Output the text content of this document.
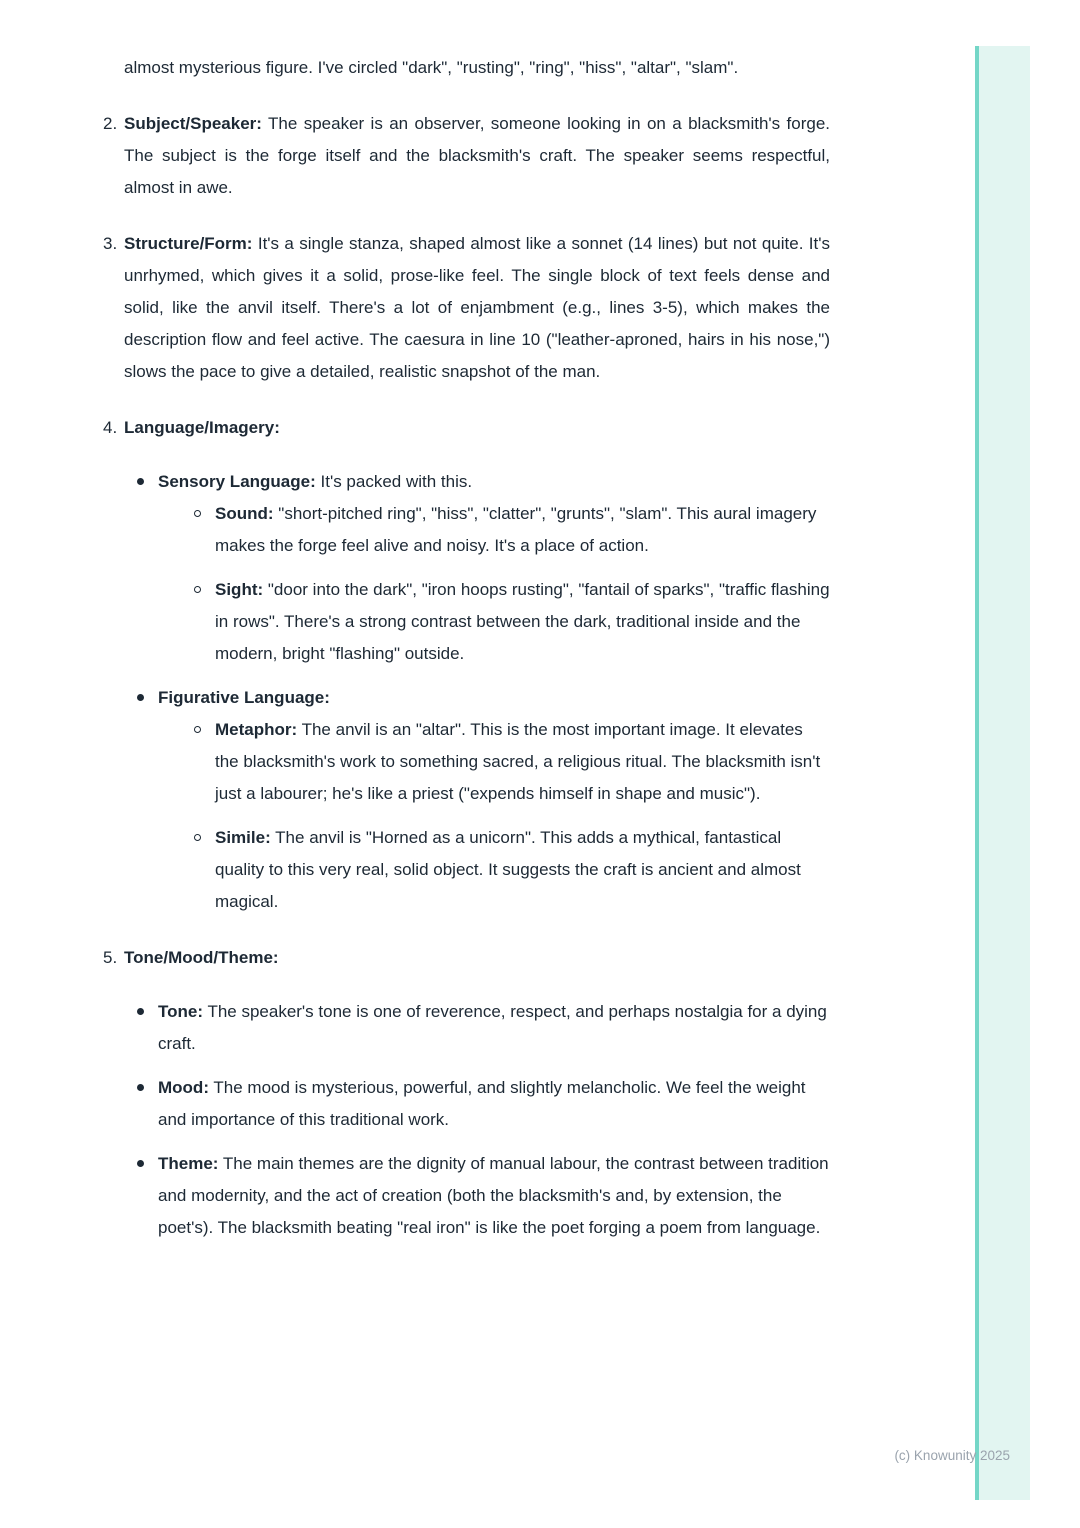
almost mysterious figure. I've circled "dark", "rusting", "ring", "hiss", "altar", "slam".

2. Subject/Speaker: The speaker is an observer, someone looking in on a blacksmith's forge. The subject is the forge itself and the blacksmith's craft. The speaker seems respectful, almost in awe.

3. Structure/Form: It's a single stanza, shaped almost like a sonnet (14 lines) but not quite. It's unrhymed, which gives it a solid, prose-like feel. The single block of text feels dense and solid, like the anvil itself. There's a lot of enjambment (e.g., lines 3-5), which makes the description flow and feel active. The caesura in line 10 ("leather-aproned, hairs in his nose,") slows the pace to give a detailed, realistic snapshot of the man.

4. Language/Imagery:

Sensory Language: It's packed with this.

Sound: "short-pitched ring", "hiss", "clatter", "grunts", "slam". This aural imagery makes the forge feel alive and noisy. It's a place of action.

Sight: "door into the dark", "iron hoops rusting", "fantail of sparks", "traffic flashing in rows". There's a strong contrast between the dark, traditional inside and the modern, bright "flashing" outside.

Figurative Language:

Metaphor: The anvil is an "altar". This is the most important image. It elevates the blacksmith's work to something sacred, a religious ritual. The blacksmith isn't just a labourer; he's like a priest ("expends himself in shape and music").

Simile: The anvil is "Horned as a unicorn". This adds a mythical, fantastical quality to this very real, solid object. It suggests the craft is ancient and almost magical.

5. Tone/Mood/Theme:

Tone: The speaker's tone is one of reverence, respect, and perhaps nostalgia for a dying craft.

Mood: The mood is mysterious, powerful, and slightly melancholic. We feel the weight and importance of this traditional work.

Theme: The main themes are the dignity of manual labour, the contrast between tradition and modernity, and the act of creation (both the blacksmith's and, by extension, the poet's). The blacksmith beating "real iron" is like the poet forging a poem from language.

(c) Knowunity 2025
